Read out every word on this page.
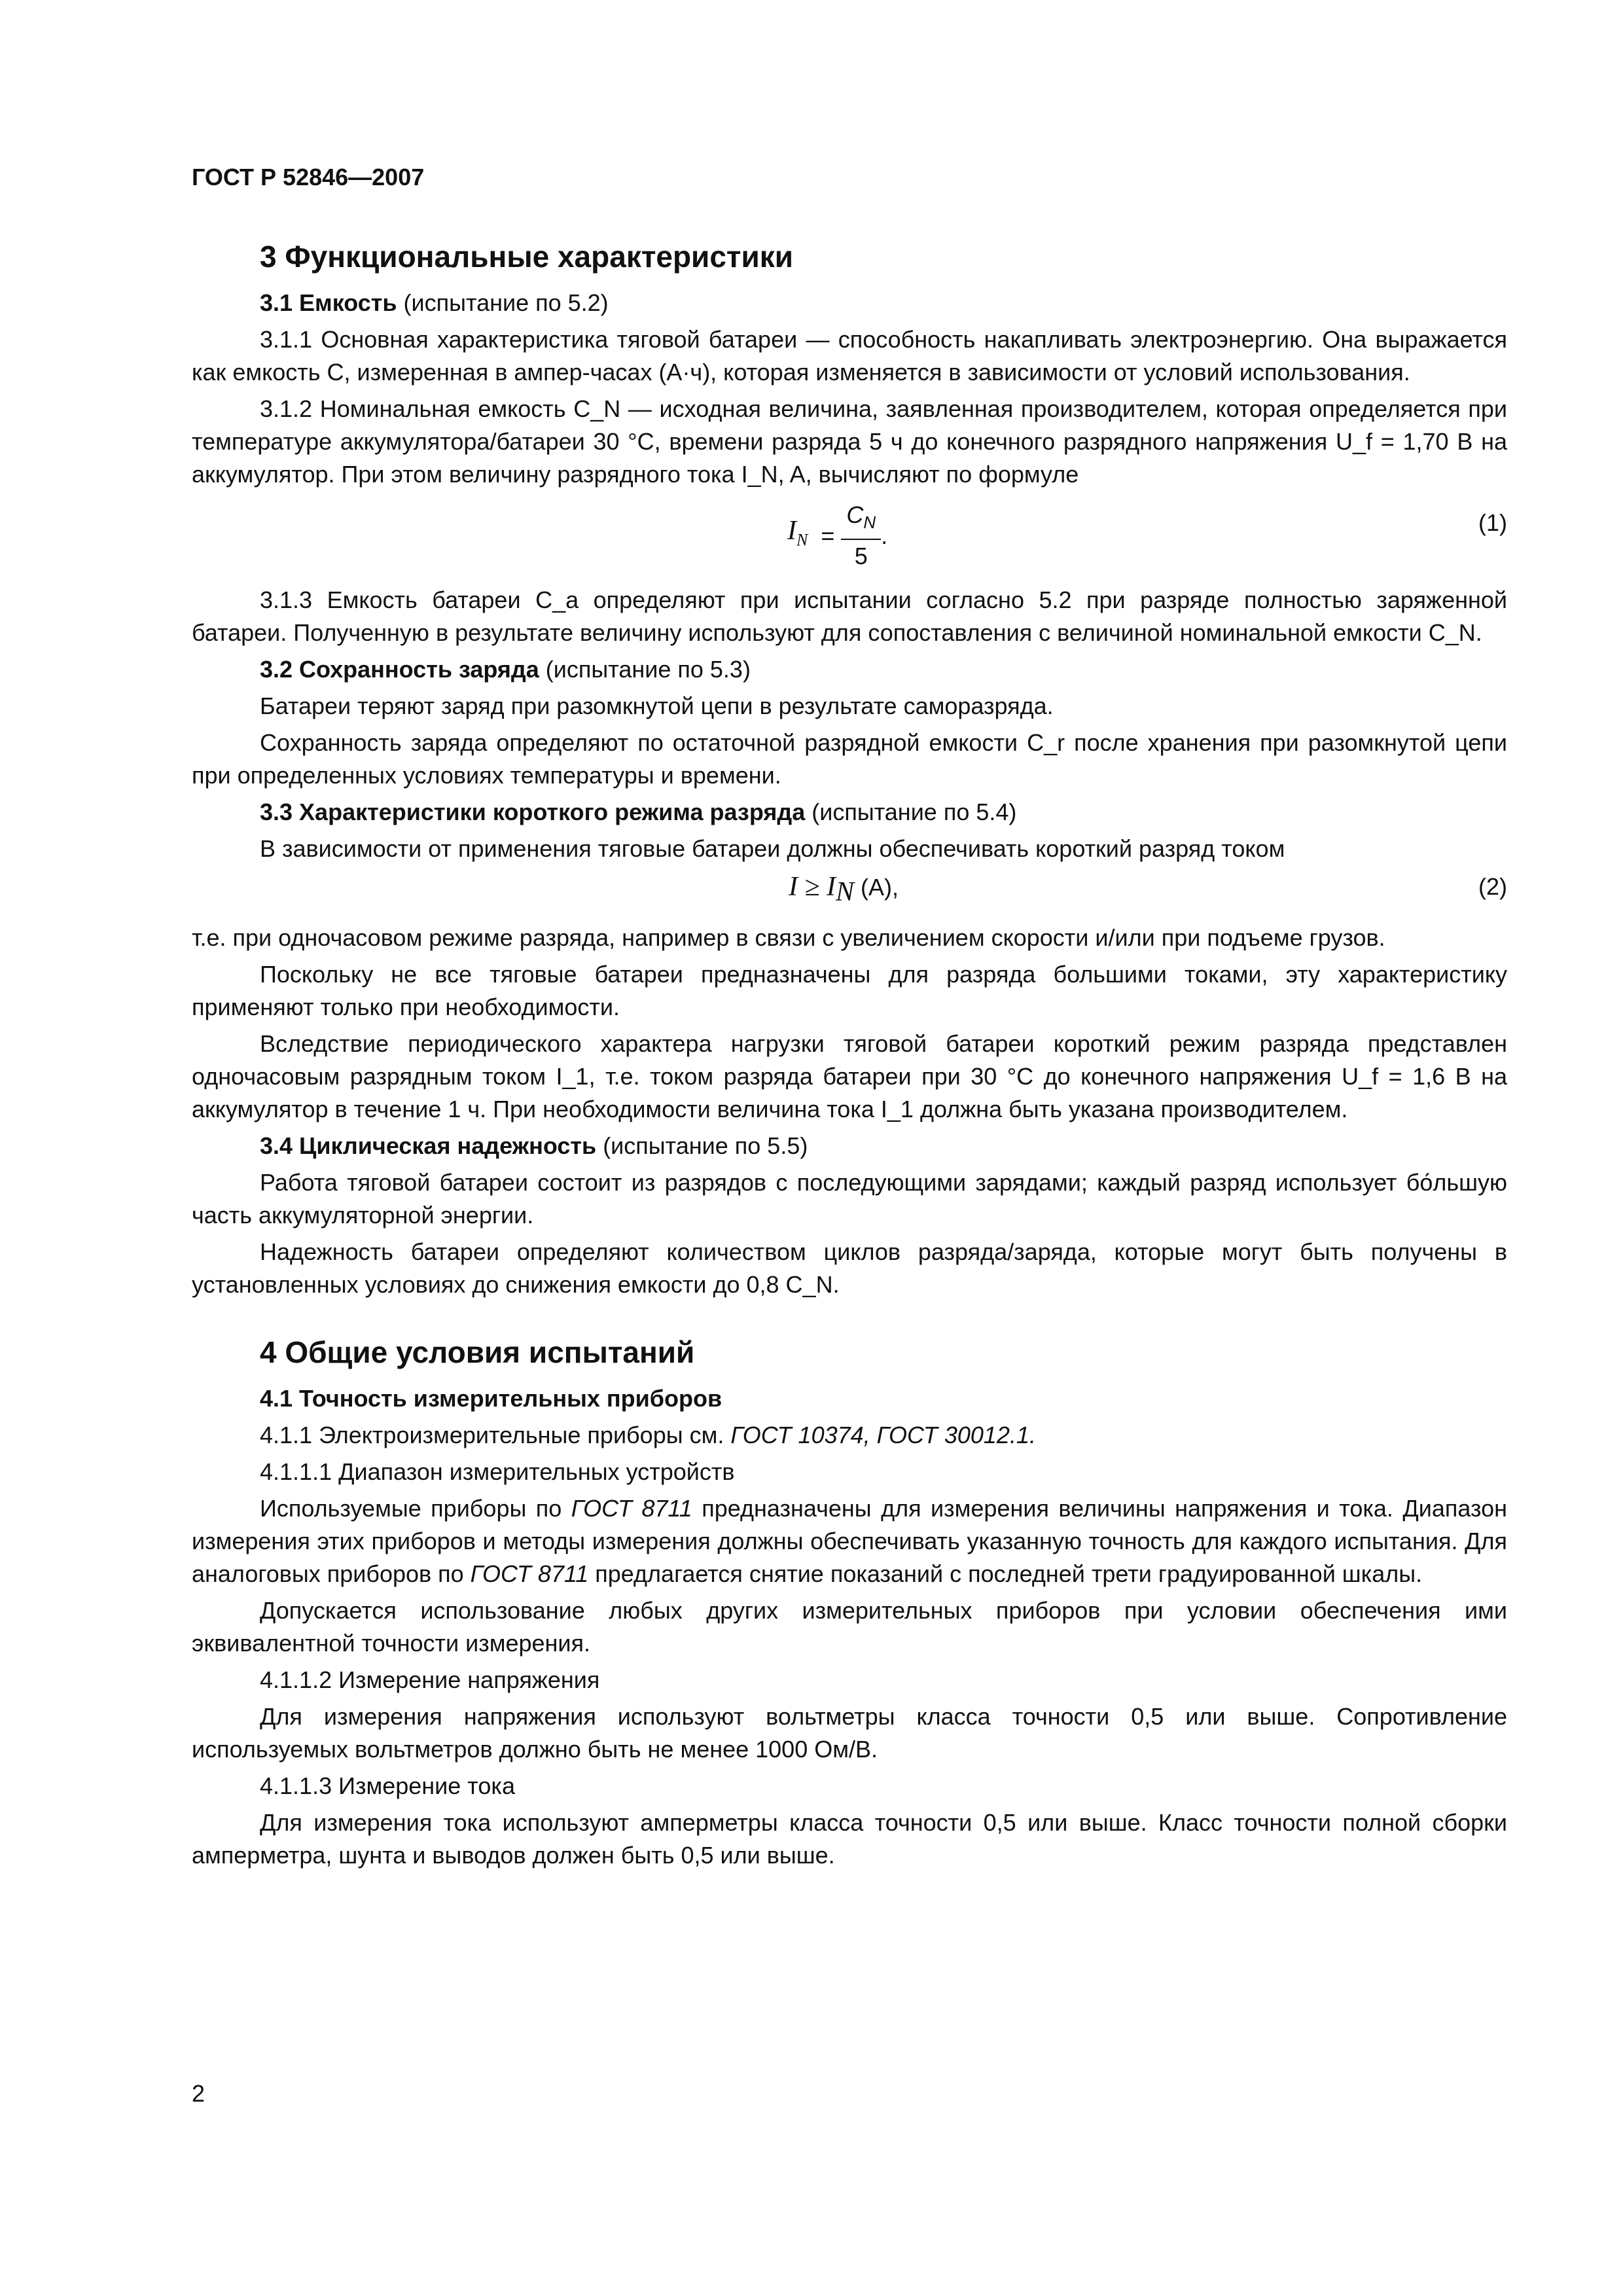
ГОСТ Р 52846—2007
3 Функциональные характеристики

3.1 Емкость (испытание по 5.2)

3.1.1 Основная характеристика тяговой батареи — способность накапливать электроэнергию. Она выражается как емкость C, измеренная в ампер-часах (А·ч), которая изменяется в зависимости от условий использования.

3.1.2 Номинальная емкость C_N — исходная величина, заявленная производителем, которая определяется при температуре аккумулятора/батареи 30 °С, времени разряда 5 ч до конечного разрядного напряжения U_f = 1,70 В на аккумулятор. При этом величину разрядного тока I_N, A, вычисляют по формуле

$I_N = \frac{C_N}{5}$ .	(1)

3.1.3 Емкость батареи C_a определяют при испытании согласно 5.2 при разряде полностью заряженной батареи. Полученную в результате величину используют для сопоставления с величиной номинальной емкости C_N.

3.2 Сохранность заряда (испытание по 5.3)

Батареи теряют заряд при разомкнутой цепи в результате саморазряда.

Сохранность заряда определяют по остаточной разрядной емкости C_r после хранения при разомкнутой цепи при определенных условиях температуры и времени.

3.3 Характеристики короткого режима разряда (испытание по 5.4)

В зависимости от применения тяговые батареи должны обеспечивать короткий разряд током

$I \ge I_N$ (А),	(2)

т.е. при одночасовом режиме разряда, например в связи с увеличением скорости и/или при подъеме грузов.

Поскольку не все тяговые батареи предназначены для разряда большими токами, эту характеристику применяют только при необходимости.

Вследствие периодического характера нагрузки тяговой батареи короткий режим разряда представлен одночасовым разрядным током I_1, т.е. током разряда батареи при 30 °С до конечного напряжения U_f = 1,6 В на аккумулятор в течение 1 ч. При необходимости величина тока I_1 должна быть указана производителем.

3.4 Циклическая надежность (испытание по 5.5)

Работа тяговой батареи состоит из разрядов с последующими зарядами; каждый разряд использует бо́льшую часть аккумуляторной энергии.

Надежность батареи определяют количеством циклов разряда/заряда, которые могут быть получены в установленных условиях до снижения емкости до 0,8 C_N.

4 Общие условия испытаний

4.1 Точность измерительных приборов

4.1.1 Электроизмерительные приборы см. ГОСТ 10374, ГОСТ 30012.1.

4.1.1.1 Диапазон измерительных устройств

Используемые приборы по ГОСТ 8711 предназначены для измерения величины напряжения и тока. Диапазон измерения этих приборов и методы измерения должны обеспечивать указанную точность для каждого испытания. Для аналоговых приборов по ГОСТ 8711 предлагается снятие показаний с последней трети градуированной шкалы.

Допускается использование любых других измерительных приборов при условии обеспечения ими эквивалентной точности измерения.

4.1.1.2 Измерение напряжения

Для измерения напряжения используют вольтметры класса точности 0,5 или выше. Сопротивление используемых вольтметров должно быть не менее 1000 Ом/В.

4.1.1.3 Измерение тока

Для измерения тока используют амперметры класса точности 0,5 или выше. Класс точности полной сборки амперметра, шунта и выводов должен быть 0,5 или выше.

2
